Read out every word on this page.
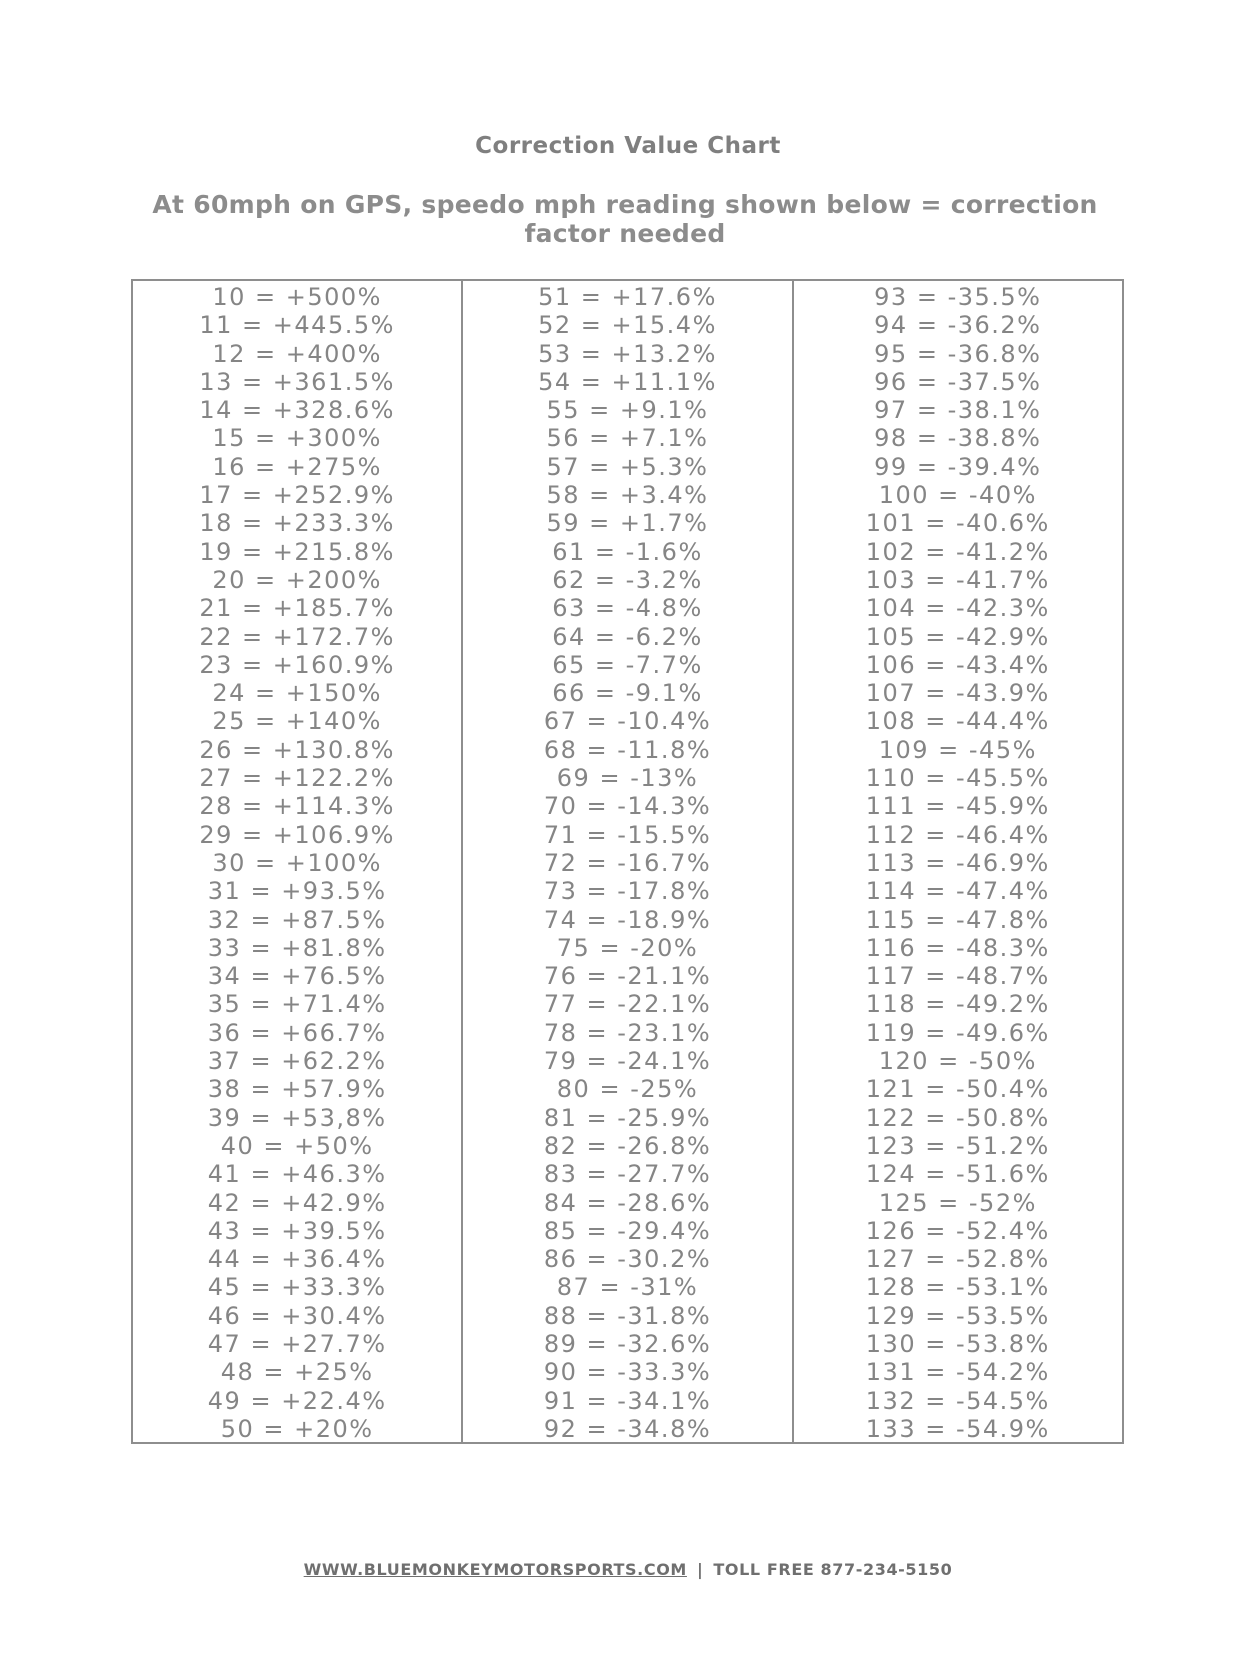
Correction Value Chart
At 60mph on GPS, speedo mph reading shown below = correction factor needed
10 = +500%
11 = +445.5%
12 = +400%
13 = +361.5%
14 = +328.6%
15 = +300%
16 = +275%
17 = +252.9%
18 = +233.3%
19 = +215.8%
20 = +200%
21 = +185.7%
22 = +172.7%
23 = +160.9%
24 = +150%
25 = +140%
26 = +130.8%
27 = +122.2%
28 = +114.3%
29 = +106.9%
30 = +100%
31 = +93.5%
32 = +87.5%
33 = +81.8%
34 = +76.5%
35 = +71.4%
36 = +66.7%
37 = +62.2%
38 = +57.9%
39 = +53,8%
40 = +50%
41 = +46.3%
42 = +42.9%
43 = +39.5%
44 = +36.4%
45 = +33.3%
46 = +30.4%
47 = +27.7%
48 = +25%
49 = +22.4%
50 = +20%
51 = +17.6%
52 = +15.4%
53 = +13.2%
54 = +11.1%
55 = +9.1%
56 = +7.1%
57 = +5.3%
58 = +3.4%
59 = +1.7%
61 = -1.6%
62 = -3.2%
63 = -4.8%
64 = -6.2%
65 = -7.7%
66 = -9.1%
67 = -10.4%
68 = -11.8%
69 = -13%
70 = -14.3%
71 = -15.5%
72 = -16.7%
73 = -17.8%
74 = -18.9%
75 = -20%
76 = -21.1%
77 = -22.1%
78 = -23.1%
79 = -24.1%
80 = -25%
81 = -25.9%
82 = -26.8%
83 = -27.7%
84 = -28.6%
85 = -29.4%
86 = -30.2%
87 = -31%
88 = -31.8%
89 = -32.6%
90 = -33.3%
91 = -34.1%
92 = -34.8%
93 = -35.5%
94 = -36.2%
95 = -36.8%
96 = -37.5%
97 = -38.1%
98 = -38.8%
99 = -39.4%
100 = -40%
101 = -40.6%
102 = -41.2%
103 = -41.7%
104 = -42.3%
105 = -42.9%
106 = -43.4%
107 = -43.9%
108 = -44.4%
109 = -45%
110 = -45.5%
111 = -45.9%
112 = -46.4%
113 = -46.9%
114 = -47.4%
115 = -47.8%
116 = -48.3%
117 = -48.7%
118 = -49.2%
119 = -49.6%
120 = -50%
121 = -50.4%
122 = -50.8%
123 = -51.2%
124 = -51.6%
125 = -52%
126 = -52.4%
127 = -52.8%
128 = -53.1%
129 = -53.5%
130 = -53.8%
131 = -54.2%
132 = -54.5%
133 = -54.9%
WWW.BLUEMONKEYMOTORSPORTS.COM | TOLL FREE 877-234-5150
